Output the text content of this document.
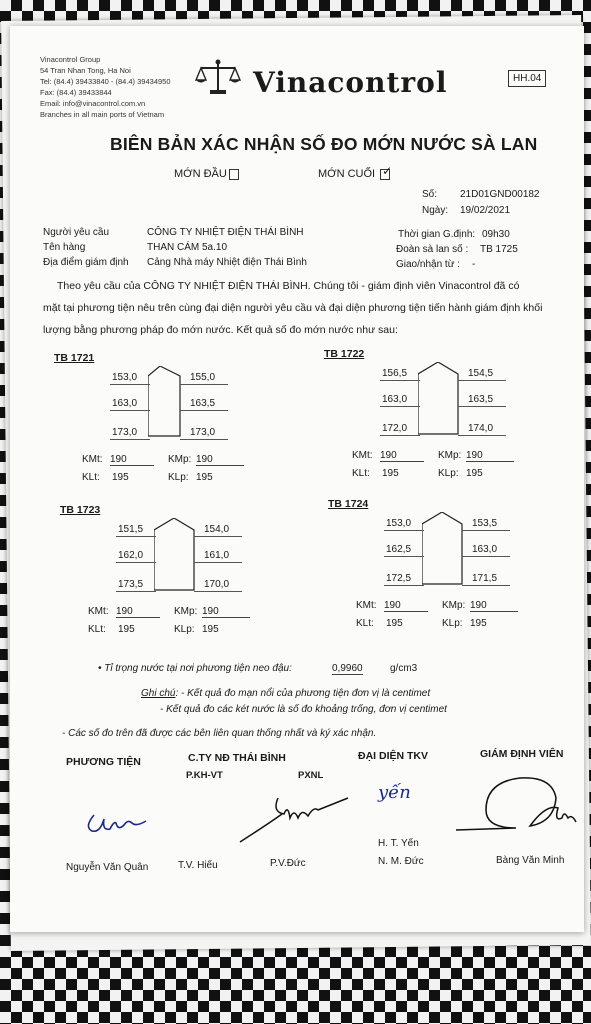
Vinacontrol Group
54 Tran Nhan Tong, Ha Noi
Tel: (84.4) 39433840 - (84.4) 39434950
Fax: (84.4) 39433844
Email: info@vinacontrol.com.vn
Branches in all main ports of Vietnam
Vinacontrol	HH.04
BIÊN BẢN XÁC NHẬN SỐ ĐO MỚN NƯỚC SÀ LAN
MỚN ĐẦU	MỚN CUỐI ✓
Số: 21D01GND00182
Ngày: 19/02/2021
Người yêu cầu	CÔNG TY NHIỆT ĐIỆN THÁI BÌNH
Tên hàng	THAN CÁM 5a.10
Địa điểm giám định Cảng Nhà máy Nhiệt điện Thái Bình
Thời gian G.định: 09h30
Đoàn sà lan số : TB 1725
Giao/nhận từ : -
Theo yêu cầu của CÔNG TY NHIỆT ĐIỆN THÁI BÌNH. Chúng tôi - giám định viên Vinacontrol đã có
mặt tại phương tiện nêu trên cùng đại diện người yêu cầu và đại diện phương tiện tiến hành giám định khối
lượng bằng phương pháp đo mớn nước. Kết quả số đo mớn nước như sau:
TB 1721
153,0	155,0
163,0	163,5
173,0	173,0
KMt: 190	KMp: 190
KLt: 195	KLp: 195
TB 1722
156,5	154,5
163,0	163,5
172,0	174,0
KMt: 190	KMp: 190
KLt: 195	KLp: 195
TB 1723
151,5	154,0
162,0	161,0
173,5	170,0
KMt: 190	KMp: 190
KLt: 195	KLp: 195
TB 1724
153,0	153,5
162,5	163,0
172,5	171,5
KMt: 190	KMp: 190
KLt: 195	KLp: 195
• Tỉ trọng nước tại nơi phương tiện neo đậu:	0,9960	g/cm3
Ghi chú: - Kết quả đo mạn nổi của phương tiện đơn vị là centimet
- Kết quả đo các két nước là số đo khoảng trống, đơn vị centimet
- Các số đo trên đã được các bên liên quan thống nhất và ký xác nhận.
PHƯƠNG TIỆN	C.TY NĐ THÁI BÌNH
P.KH-VT	PXNL
ĐẠI DIỆN TKV	GIÁM ĐỊNH VIÊN
yến
H. T. Yến
Nguyễn Văn Quân	T.V. Hiếu	P.V.Đức	N. M. Đức	Bàng Văn Minh
